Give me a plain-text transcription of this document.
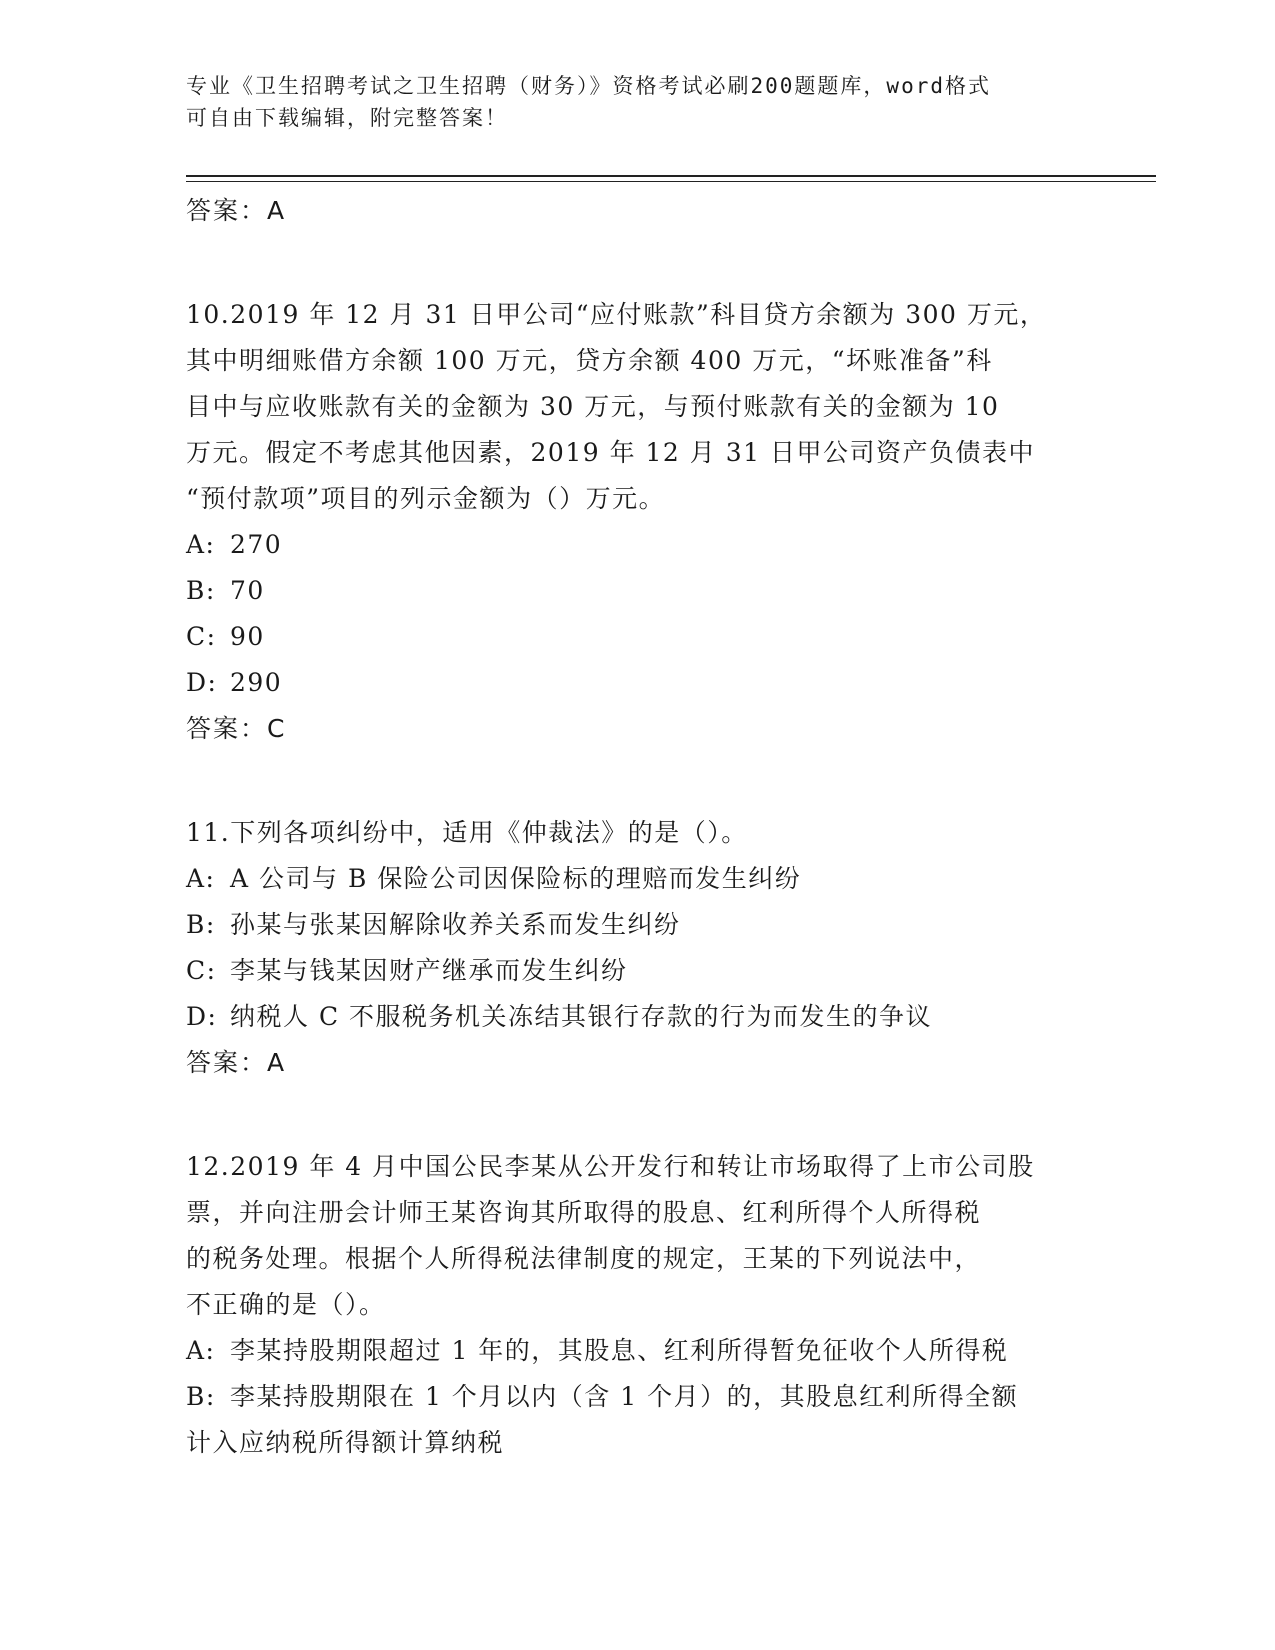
专业《卫生招聘考试之卫生招聘（财务）》资格考试必刷200题题库，word格式
可自由下载编辑，附完整答案！
答案：A
10.2019 年 12 月 31 日甲公司“应付账款”科目贷方余额为 300 万元，
其中明细账借方余额 100 万元，贷方余额 400 万元，“坏账准备”科
目中与应收账款有关的金额为 30 万元，与预付账款有关的金额为 10
万元。假定不考虑其他因素，2019 年 12 月 31 日甲公司资产负债表中
“预付款项”项目的列示金额为（）万元。
A: 270
B: 70
C: 90
D: 290
答案：C
11.下列各项纠纷中，适用《仲裁法》的是（）。
A: A 公司与 B 保险公司因保险标的理赔而发生纠纷
B: 孙某与张某因解除收养关系而发生纠纷
C: 李某与钱某因财产继承而发生纠纷
D: 纳税人 C 不服税务机关冻结其银行存款的行为而发生的争议
答案：A
12.2019 年 4 月中国公民李某从公开发行和转让市场取得了上市公司股
票，并向注册会计师王某咨询其所取得的股息、红利所得个人所得税
的税务处理。根据个人所得税法律制度的规定，王某的下列说法中，
不正确的是（）。
A: 李某持股期限超过 1 年的，其股息、红利所得暂免征收个人所得税
B: 李某持股期限在 1 个月以内（含 1 个月）的，其股息红利所得全额
计入应纳税所得额计算纳税
